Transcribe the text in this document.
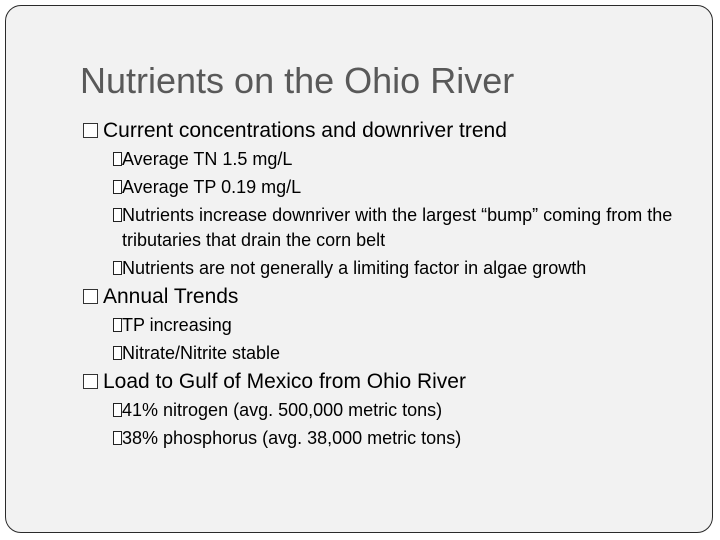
Nutrients on the Ohio River
Current concentrations and downriver trend
Average TN 1.5 mg/L
Average TP 0.19 mg/L
Nutrients increase downriver with the largest “bump” coming from the tributaries that drain the corn belt
Nutrients are not generally a limiting factor in algae growth
Annual Trends
TP increasing
Nitrate/Nitrite stable
Load to Gulf of Mexico from Ohio River
41% nitrogen (avg. 500,000 metric tons)
38% phosphorus (avg. 38,000 metric tons)
